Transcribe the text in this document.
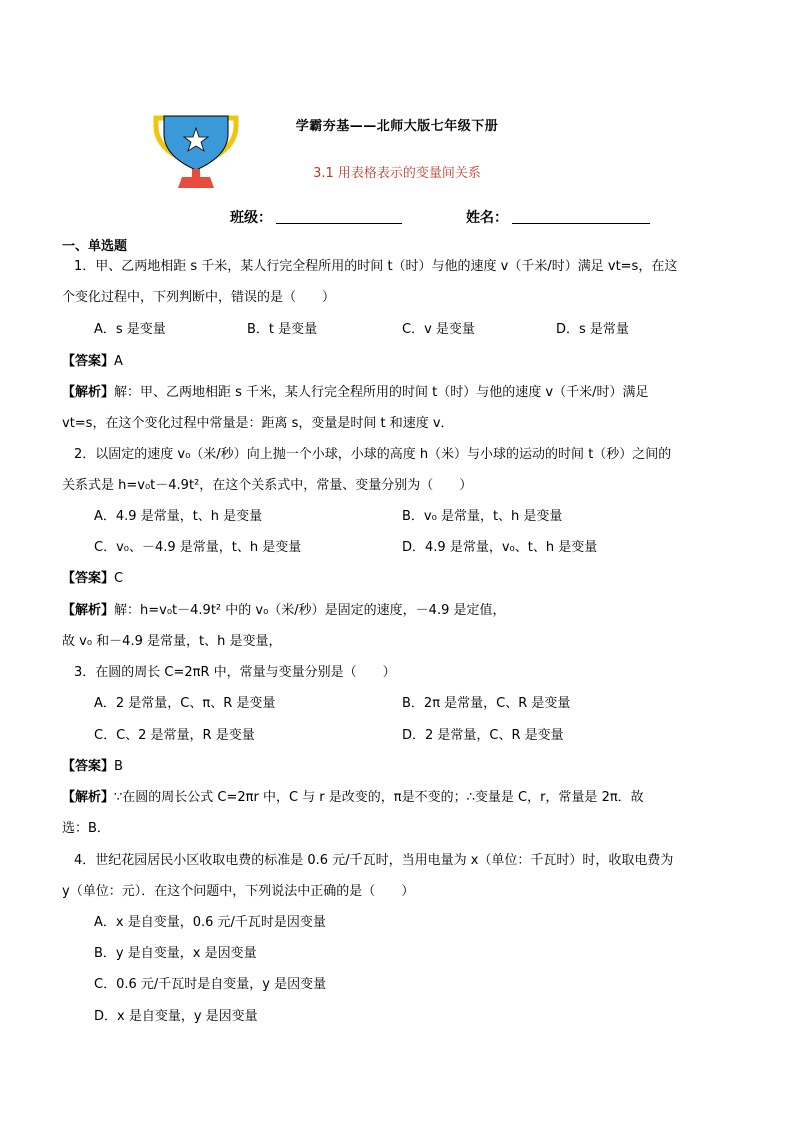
学霸夯基——北师大版七年级下册
3.1 用表格表示的变量间关系
班级：	姓名：
一、单选题
1．甲、乙两地相距 s 千米，某人行完全程所用的时间 t（时）与他的速度 v（千米/时）满足 vt=s，在这
个变化过程中，下列判断中，错误的是（　　）
A．s 是变量	B．t 是变量	C．v 是变量	D．s 是常量
【答案】A
【解析】解：甲、乙两地相距 s 千米，某人行完全程所用的时间 t（时）与他的速度 v（千米/时）满足
vt=s，在这个变化过程中常量是：距离 s，变量是时间 t 和速度 v．
2．以固定的速度 v₀（米/秒）向上抛一个小球，小球的高度 h（米）与小球的运动的时间 t（秒）之间的
关系式是 h=v₀t－4.9t²，在这个关系式中，常量、变量分别为（　　）
A．4.9 是常量，t、h 是变量	B．v₀ 是常量，t、h 是变量
C．v₀、－4.9 是常量，t、h 是变量	D．4.9 是常量，v₀、t、h 是变量
【答案】C
【解析】解：h=v₀t－4.9t² 中的 v₀（米/秒）是固定的速度，－4.9 是定值，
故 v₀ 和－4.9 是常量，t、h 是变量，
3．在圆的周长 C=2πR 中，常量与变量分别是（　　）
A．2 是常量，C、π、R 是变量	B．2π 是常量，C、R 是变量
C．C、2 是常量，R 是变量	D．2 是常量，C、R 是变量
【答案】B
【解析】∵在圆的周长公式 C=2πr 中，C 与 r 是改变的，π是不变的；∴变量是 C，r，常量是 2π．故
选：B．
4．世纪花园居民小区收取电费的标准是 0.6 元/千瓦时，当用电量为 x（单位：千瓦时）时，收取电费为
y（单位：元）．在这个问题中，下列说法中正确的是（　　）
A．x 是自变量，0.6 元/千瓦时是因变量
B．y 是自变量，x 是因变量
C．0.6 元/千瓦时是自变量，y 是因变量
D．x 是自变量，y 是因变量
